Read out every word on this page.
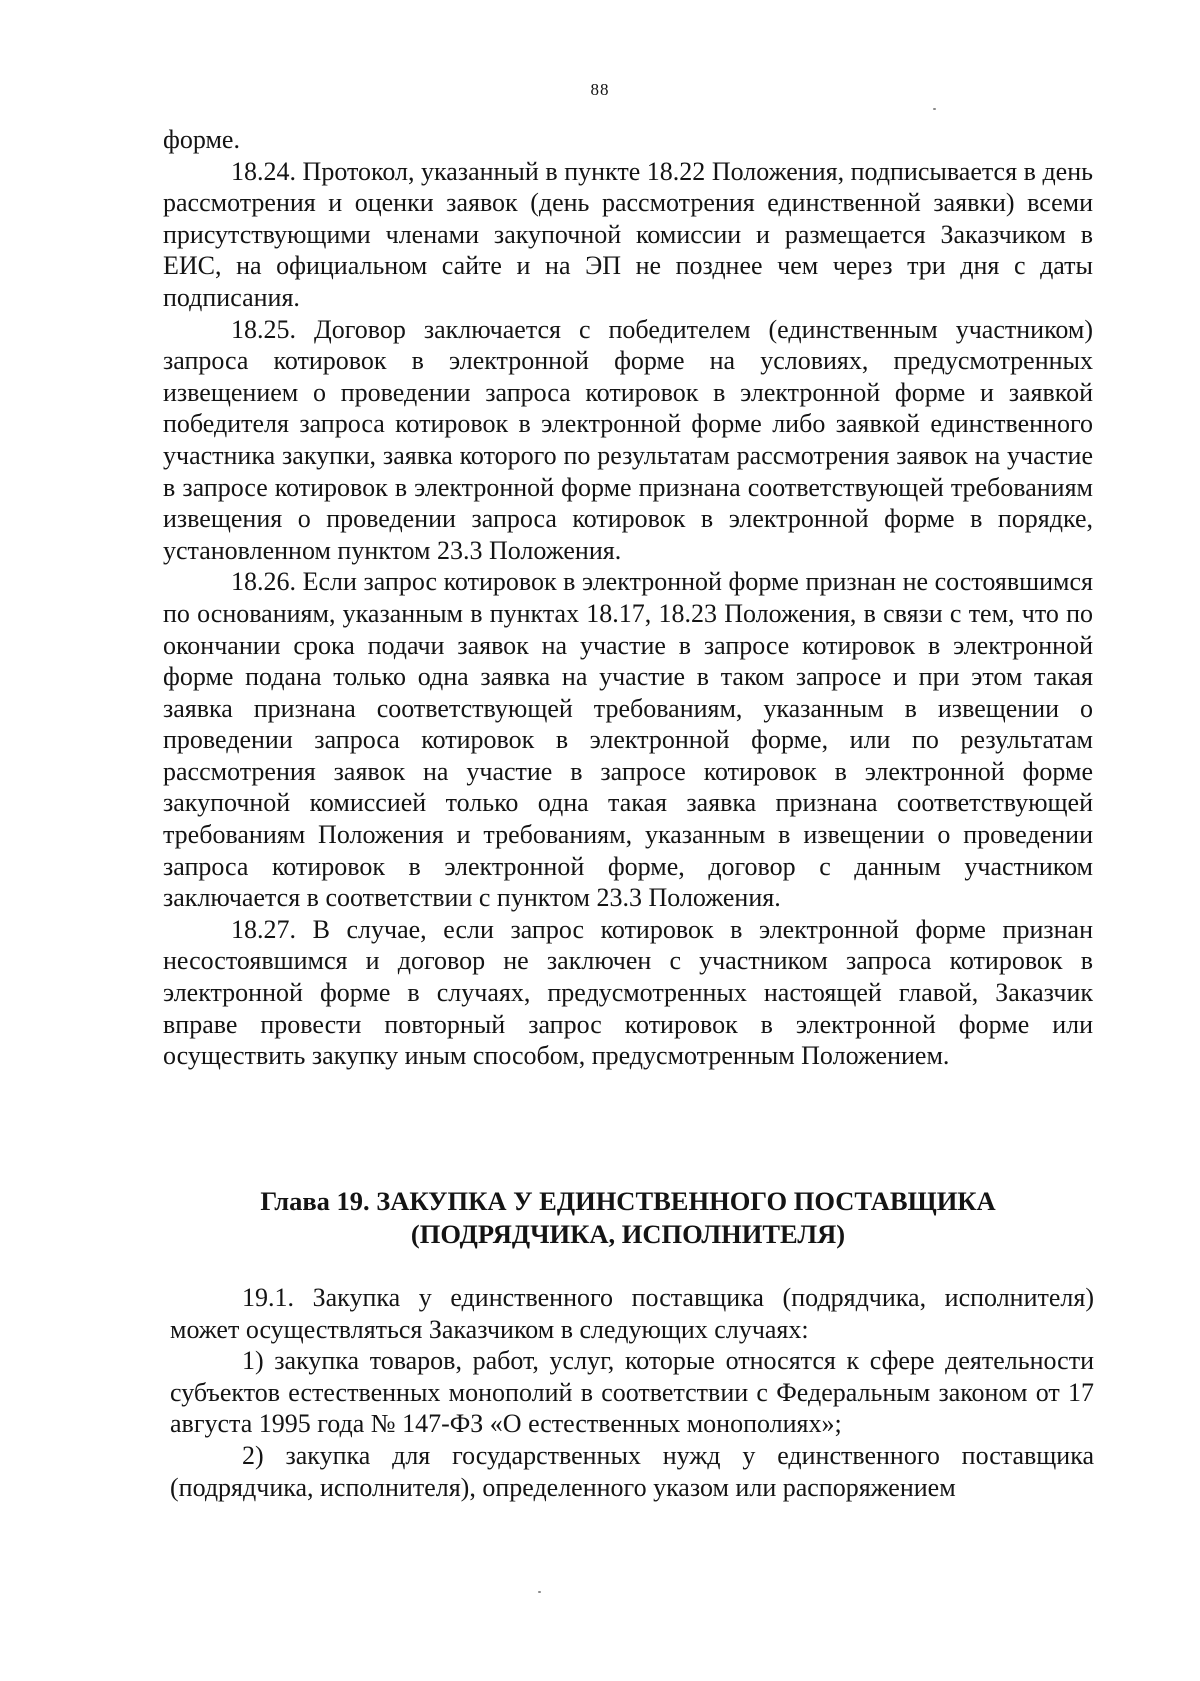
88

форме.

18.24. Протокол, указанный в пункте 18.22 Положения, подписывается в день рассмотрения и оценки заявок (день рассмотрения единственной заявки) всеми присутствующими членами закупочной комиссии и размещается Заказчиком в ЕИС, на официальном сайте и на ЭП не позднее чем через три дня с даты подписания.

18.25. Договор заключается с победителем (единственным участником) запроса котировок в электронной форме на условиях, предусмотренных извещением о проведении запроса котировок в электронной форме и заявкой победителя запроса котировок в электронной форме либо заявкой единственного участника закупки, заявка которого по результатам рассмотрения заявок на участие в запросе котировок в электронной форме признана соответствующей требованиям извещения о проведении запроса котировок в электронной форме в порядке, установленном пунктом 23.3 Положения.

18.26. Если запрос котировок в электронной форме признан не состоявшимся по основаниям, указанным в пунктах 18.17, 18.23 Положения, в связи с тем, что по окончании срока подачи заявок на участие в запросе котировок в электронной форме подана только одна заявка на участие в таком запросе и при этом такая заявка признана соответствующей требованиям, указанным в извещении о проведении запроса котировок в электронной форме, или по результатам рассмотрения заявок на участие в запросе котировок в электронной форме закупочной комиссией только одна такая заявка признана соответствующей требованиям Положения и требованиям, указанным в извещении о проведении запроса котировок в электронной форме, договор с данным участником заключается в соответствии с пунктом 23.3 Положения.

18.27. В случае, если запрос котировок в электронной форме признан несостоявшимся и договор не заключен с участником запроса котировок в электронной форме в случаях, предусмотренных настоящей главой, Заказчик вправе провести повторный запрос котировок в электронной форме или осуществить закупку иным способом, предусмотренным Положением.

Глава 19. ЗАКУПКА У ЕДИНСТВЕННОГО ПОСТАВЩИКА
(ПОДРЯДЧИКА, ИСПОЛНИТЕЛЯ)

19.1. Закупка у единственного поставщика (подрядчика, исполнителя) может осуществляться Заказчиком в следующих случаях:

1) закупка товаров, работ, услуг, которые относятся к сфере деятельности субъектов естественных монополий в соответствии с Федеральным законом от 17 августа 1995 года № 147-ФЗ «О естественных монополиях»;

2) закупка для государственных нужд у единственного поставщика (подрядчика, исполнителя), определенного указом или распоряжением
